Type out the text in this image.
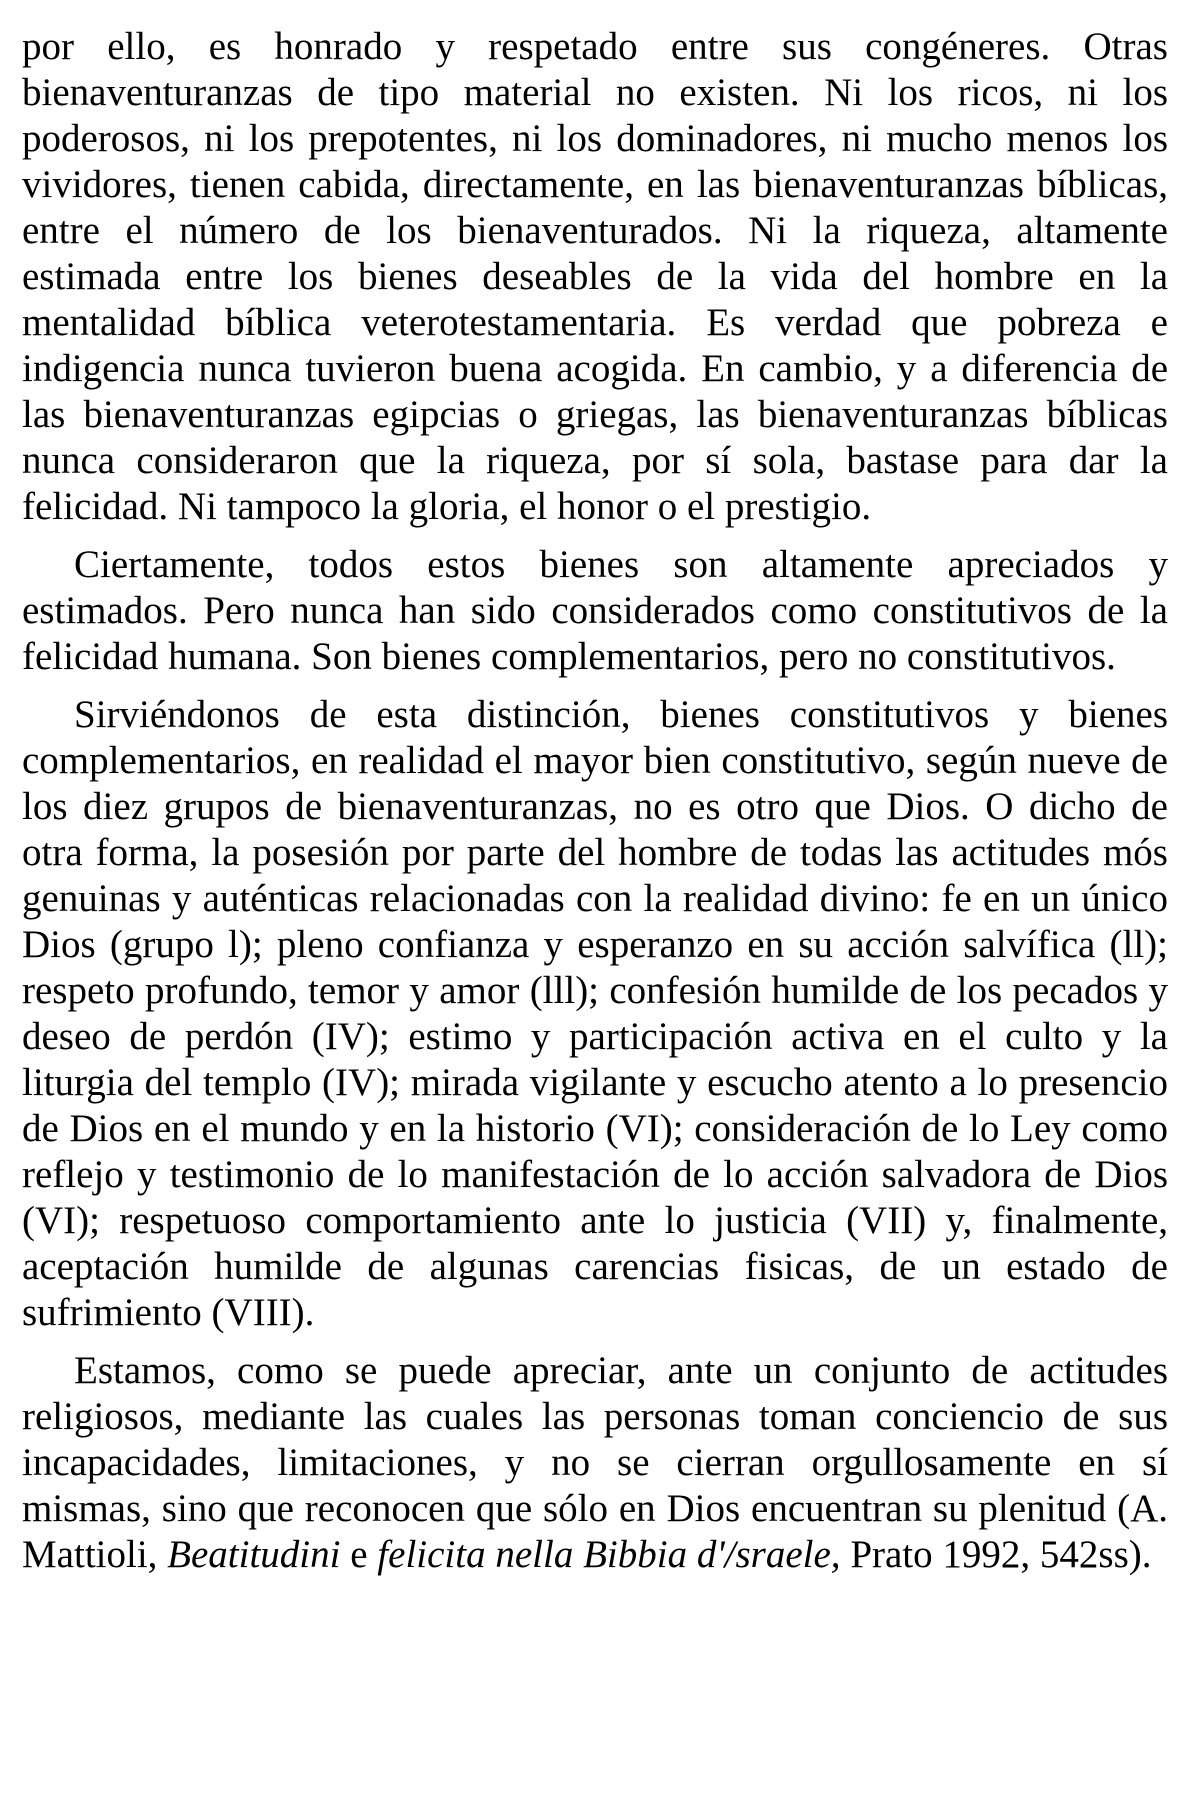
por ello, es honrado y respetado entre sus congéneres. Otras bienaventuranzas de tipo material no existen. Ni los ricos, ni los poderosos, ni los prepotentes, ni los dominadores, ni mucho menos los vividores, tienen cabida, directamente, en las bienaventuranzas bíblicas, entre el número de los bienaventurados. Ni la riqueza, altamente estimada entre los bienes deseables de la vida del hombre en la mentalidad bíblica veterotestamentaria. Es verdad que pobreza e indigencia nunca tuvieron buena acogida. En cambio, y a diferencia de las bienaventuranzas egipcias o griegas, las bienaventuranzas bíblicas nunca consideraron que la riqueza, por sí sola, bastase para dar la felicidad. Ni tampoco la gloria, el honor o el prestigio.

Ciertamente, todos estos bienes son altamente apreciados y estimados. Pero nunca han sido considerados como constitutivos de la felicidad humana. Son bienes complementarios, pero no constitutivos.

Sirviéndonos de esta distinción, bienes constitutivos y bienes complementarios, en realidad el mayor bien constitutivo, según nueve de los diez grupos de bienaventuranzas, no es otro que Dios. O dicho de otra forma, la posesión por parte del hombre de todas las actitudes mós genuinas y auténticas relacionadas con la realidad divino: fe en un único Dios (grupo l); pleno confianza y esperanzo en su acción salvífica (ll); respeto profundo, temor y amor (lll); confesión humilde de los pecados y deseo de perdón (IV); estimo y participación activa en el culto y la liturgia del templo (IV); mirada vigilante y escucho atento a lo presencio de Dios en el mundo y en la historio (VI); consideración de lo Ley como reflejo y testimonio de lo manifestación de lo acción salvadora de Dios (VI); respetuoso comportamiento ante lo justicia (VII) y, finalmente, aceptación humilde de algunas carencias fisicas, de un estado de sufrimiento (VIII).

Estamos, como se puede apreciar, ante un conjunto de actitudes religiosos, mediante las cuales las personas toman conciencio de sus incapacidades, limitaciones, y no se cierran orgullosamente en sí mismas, sino que reconocen que sólo en Dios encuentran su plenitud (A. Mattioli, Beatitudini e felicita nella Bibbia d'/sraele, Prato 1992, 542ss).
